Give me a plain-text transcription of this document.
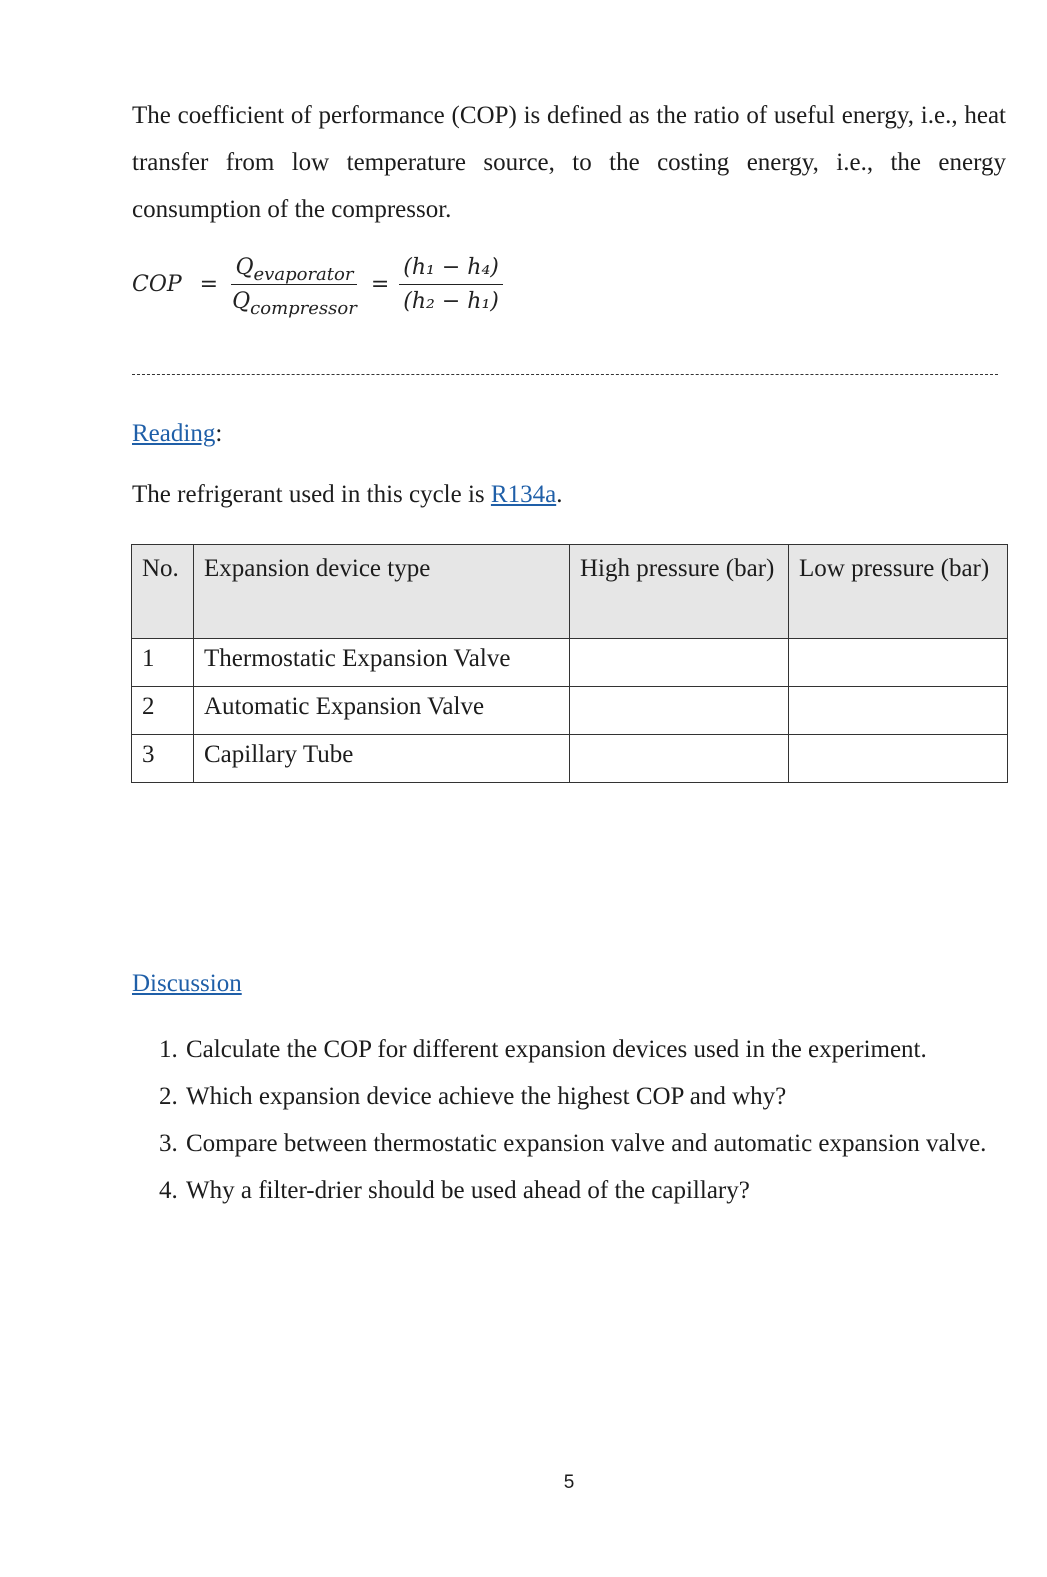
The coefficient of performance (COP) is defined as the ratio of useful energy, i.e., heat transfer from low temperature source, to the costing energy, i.e., the energy consumption of the compressor.

COP = $\frac{Q_{evaporator}}{Q_{compressor}} = \frac{\text{(h₁ − h₄)}}{\text{(h₂ − h₁)}}$

Reading:

The refrigerant used in this cycle is R134a.

No.	Expansion device type	High pressure (bar)	Low pressure (bar)
1	Thermostatic Expansion Valve		
2	Automatic Expansion Valve		
3	Capillary Tube		

Discussion

1. Calculate the COP for different expansion devices used in the experiment.
2. Which expansion device achieve the highest COP and why?
3. Compare between thermostatic expansion valve and automatic expansion valve.
4. Why a filter-drier should be used ahead of the capillary?
5
